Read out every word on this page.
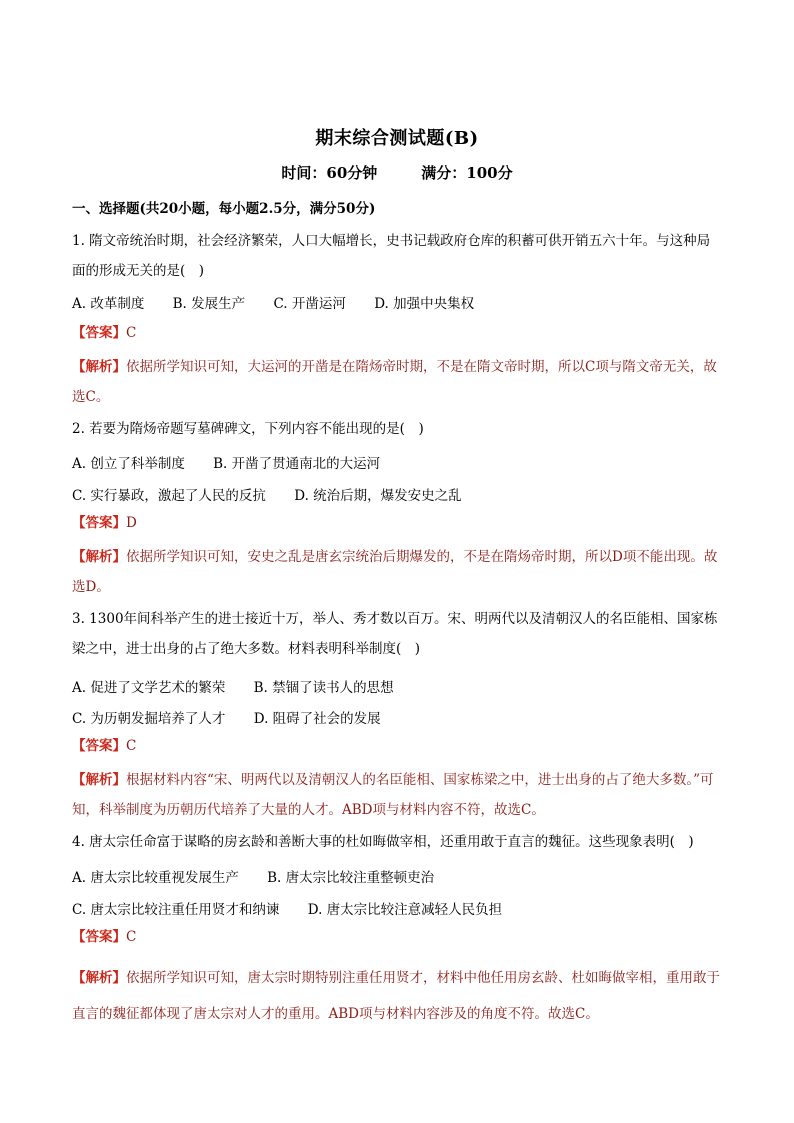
期末综合测试题(B)
时间：60分钟	满分：100分
一、选择题(共20小题，每小题2.5分，满分50分)
1. 隋文帝统治时期，社会经济繁荣，人口大幅增长，史书记载政府仓库的积蓄可供开销五六十年。与这种局面的形成无关的是(　)
A. 改革制度 B. 发展生产 C. 开凿运河 D. 加强中央集权
【答案】C
【解析】依据所学知识可知，大运河的开凿是在隋炀帝时期，不是在隋文帝时期，所以C项与隋文帝无关，故选C。
2. 若要为隋炀帝题写墓碑碑文，下列内容不能出现的是(　)
A. 创立了科举制度 B. 开凿了贯通南北的大运河
C. 实行暴政，激起了人民的反抗 D. 统治后期，爆发安史之乱
【答案】D
【解析】依据所学知识可知，安史之乱是唐玄宗统治后期爆发的，不是在隋炀帝时期，所以D项不能出现。故选D。
3. 1300年间科举产生的进士接近十万，举人、秀才数以百万。宋、明两代以及清朝汉人的名臣能相、国家栋梁之中，进士出身的占了绝大多数。材料表明科举制度(　)
A. 促进了文学艺术的繁荣 B. 禁锢了读书人的思想
C. 为历朝发掘培养了人才 D. 阻碍了社会的发展
【答案】C
【解析】根据材料内容“宋、明两代以及清朝汉人的名臣能相、国家栋梁之中，进士出身的占了绝大多数。”可知，科举制度为历朝历代培养了大量的人才。ABD项与材料内容不符，故选C。
4. 唐太宗任命富于谋略的房玄龄和善断大事的杜如晦做宰相，还重用敢于直言的魏征。这些现象表明(　)
A. 唐太宗比较重视发展生产 B. 唐太宗比较注重整顿吏治
C. 唐太宗比较注重任用贤才和纳谏 D. 唐太宗比较注意减轻人民负担
【答案】C
【解析】依据所学知识可知，唐太宗时期特别注重任用贤才，材料中他任用房玄龄、杜如晦做宰相，重用敢于直言的魏征都体现了唐太宗对人才的重用。ABD项与材料内容涉及的角度不符。故选C。
